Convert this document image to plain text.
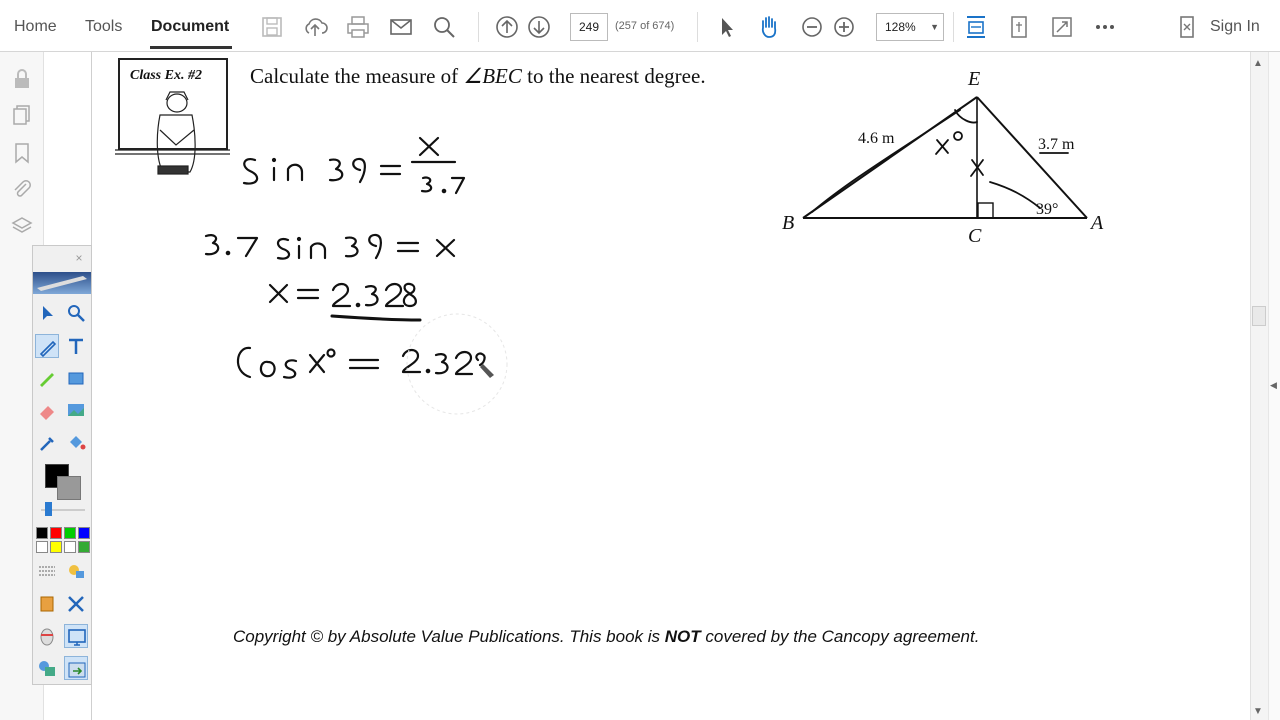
Home Tools Document	249	(257 of 674)	128% ▼	Sign In
Class Ex. #2 Calculate the measure of ∠BEC to the nearest degree.	E
B	A
C
4.6 m	3.7 m
39°
Copyright © by Absolute Value Publications. This book is NOT covered by the Cancopy agreement.
×
▲
▼
◀
